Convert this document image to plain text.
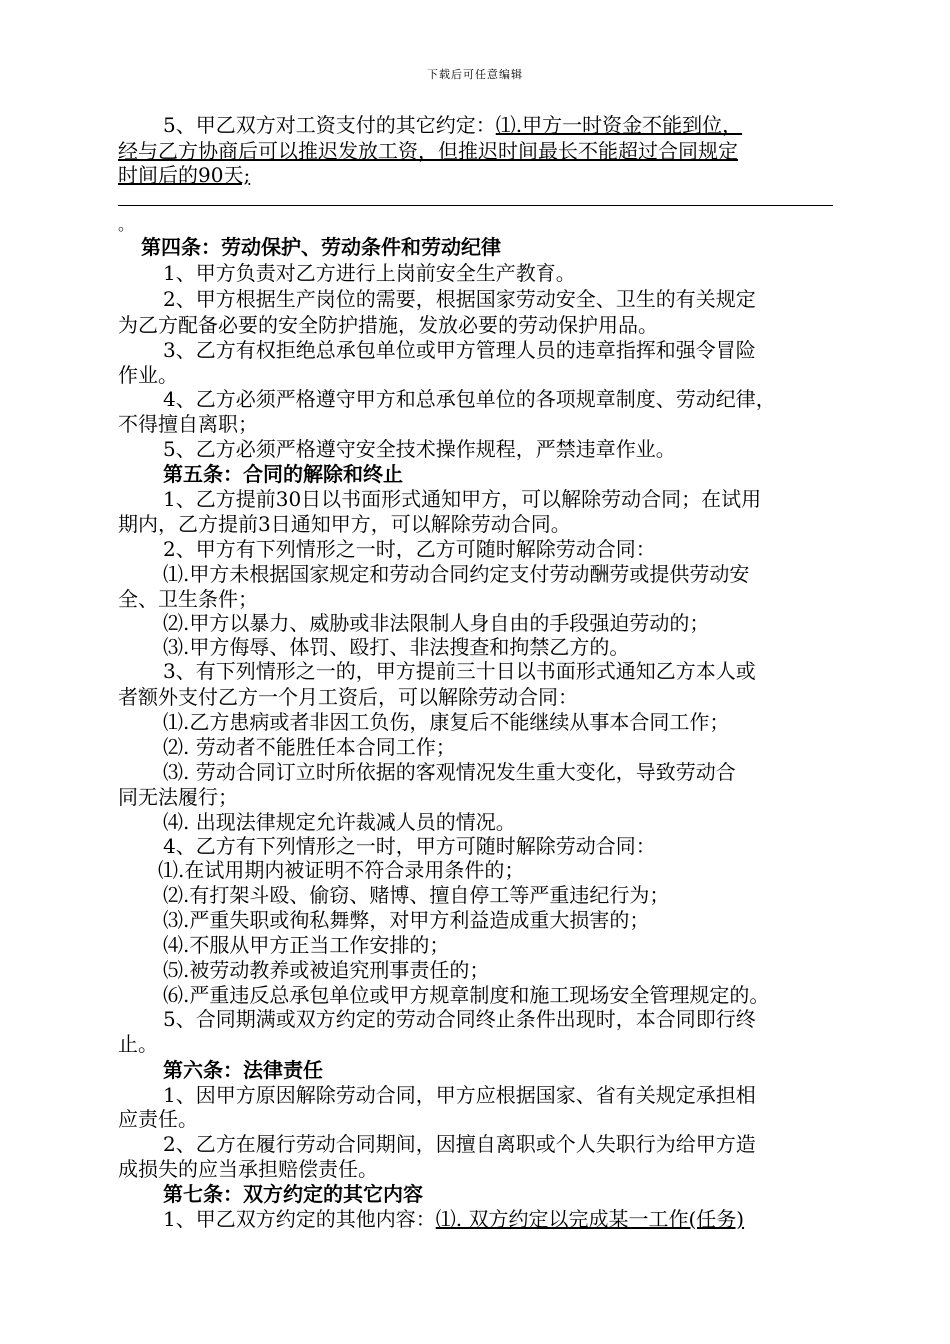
下载后可任意编辑
5、甲乙双方对工资支付的其它约定：⑴.甲方一时资金不能到位，
经与乙方协商后可以推迟发放工资，但推迟时间最长不能超过合同规定
时间后的90天;
。
第四条：劳动保护、劳动条件和劳动纪律
1、甲方负责对乙方进行上岗前安全生产教育。
2、甲方根据生产岗位的需要，根据国家劳动安全、卫生的有关规定
为乙方配备必要的安全防护措施，发放必要的劳动保护用品。
3、乙方有权拒绝总承包单位或甲方管理人员的违章指挥和强令冒险
作业。
4、乙方必须严格遵守甲方和总承包单位的各项规章制度、劳动纪律，
不得擅自离职；
5、乙方必须严格遵守安全技术操作规程，严禁违章作业。
第五条：合同的解除和终止
1、乙方提前30日以书面形式通知甲方，可以解除劳动合同；在试用
期内，乙方提前3日通知甲方，可以解除劳动合同。
2、甲方有下列情形之一时，乙方可随时解除劳动合同：
⑴.甲方未根据国家规定和劳动合同约定支付劳动酬劳或提供劳动安
全、卫生条件；
⑵.甲方以暴力、威胁或非法限制人身自由的手段强迫劳动的；
⑶.甲方侮辱、体罚、殴打、非法搜查和拘禁乙方的。
3、有下列情形之一的，甲方提前三十日以书面形式通知乙方本人或
者额外支付乙方一个月工资后，可以解除劳动合同：
⑴.乙方患病或者非因工负伤，康复后不能继续从事本合同工作；
⑵. 劳动者不能胜任本合同工作；
⑶. 劳动合同订立时所依据的客观情况发生重大变化，导致劳动合
同无法履行；
⑷. 出现法律规定允许裁减人员的情况。
4、乙方有下列情形之一时，甲方可随时解除劳动合同：
⑴.在试用期内被证明不符合录用条件的；
⑵.有打架斗殴、偷窃、赌博、擅自停工等严重违纪行为；
⑶.严重失职或徇私舞弊，对甲方利益造成重大损害的；
⑷.不服从甲方正当工作安排的；
⑸.被劳动教养或被追究刑事责任的；
⑹.严重违反总承包单位或甲方规章制度和施工现场安全管理规定的。
5、合同期满或双方约定的劳动合同终止条件出现时，本合同即行终
止。
第六条：法律责任
1、因甲方原因解除劳动合同，甲方应根据国家、省有关规定承担相
应责任。
2、乙方在履行劳动合同期间，因擅自离职或个人失职行为给甲方造
成损失的应当承担赔偿责任。
第七条：双方约定的其它内容
1、甲乙双方约定的其他内容：⑴. 双方约定以完成某一工作(任务)
